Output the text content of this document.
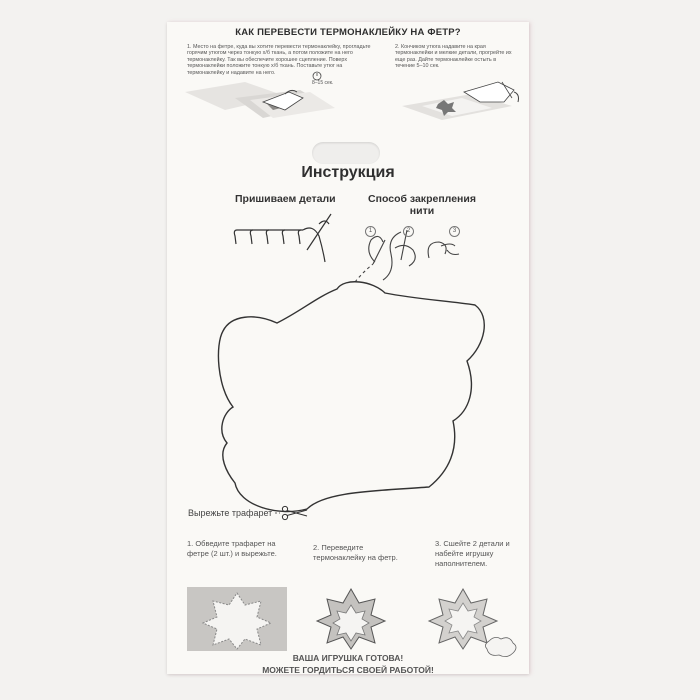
КАК ПЕРЕВЕСТИ ТЕРМОНАКЛЕЙКУ НА ФЕТР?
1. Место на фетре, куда вы хотите перевести термонаклейку, прогладьте горячим утюгом через тонкую х/б ткань, а потом положите на него термонаклейку. Так вы обеспечите хорошее сцепление. Поверх термонаклейки положите тонкую х/б ткань. Поставьте утюг на термонаклейку и надавите на него.
2. Кончиком утюга надавите на края термонаклейки и мелкие детали, прогрейте их еще раз. Дайте термонаклейке остыть в течение 5–10 сек.
8–15 сек.
Инструкция
Пришиваем детали	Способ закрепления нити
1	2	3
Вырежьте трафарет
1. Обведите трафарет на фетре (2 шт.) и вырежьте.
2. Переведите термонаклейку на фетр.
3. Сшейте 2 детали и набейте игрушку наполнителем.
ВАША ИГРУШКА ГОТОВА!
МОЖЕТЕ ГОРДИТЬСЯ СВОЕЙ РАБОТОЙ!
